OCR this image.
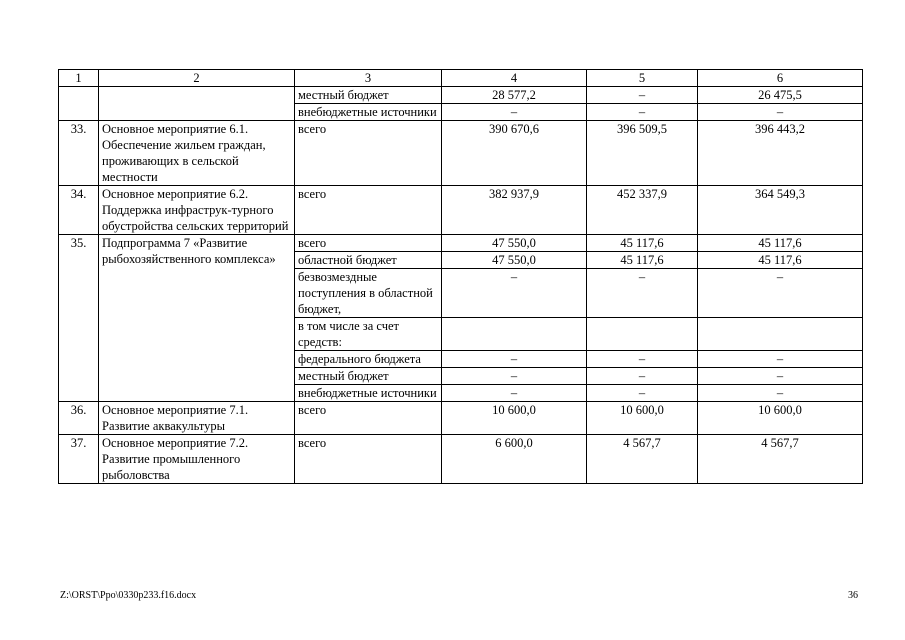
1	2	3	4	5	6
		местный бюджет	28 577,2	–	26 475,5
		внебюджетные источники	–	–	–
33.	Основное мероприятие 6.1. Обеспечение жильем граждан, проживающих в сельской местности	всего	390 670,6	396 509,5	396 443,2
34.	Основное мероприятие 6.2. Поддержка инфраструк-турного обустройства сельских территорий	всего	382 937,9	452 337,9	364 549,3
35.	Подпрограмма 7 «Развитие рыбохозяйственного комплекса»	всего	47 550,0	45 117,6	45 117,6
		областной бюджет	47 550,0	45 117,6	45 117,6
		безвозмездные поступления в областной бюджет,	–	–	–
		в том числе за счет средств:			
		федерального бюджета	–	–	–
		местный бюджет	–	–	–
		внебюджетные источники	–	–	–
36.	Основное мероприятие 7.1. Развитие аквакультуры	всего	10 600,0	10 600,0	10 600,0
37.	Основное мероприятие 7.2. Развитие промышленного рыболовства	всего	6 600,0	4 567,7	4 567,7
Z:\ORST\Ppo\0330p233.f16.docx	36
